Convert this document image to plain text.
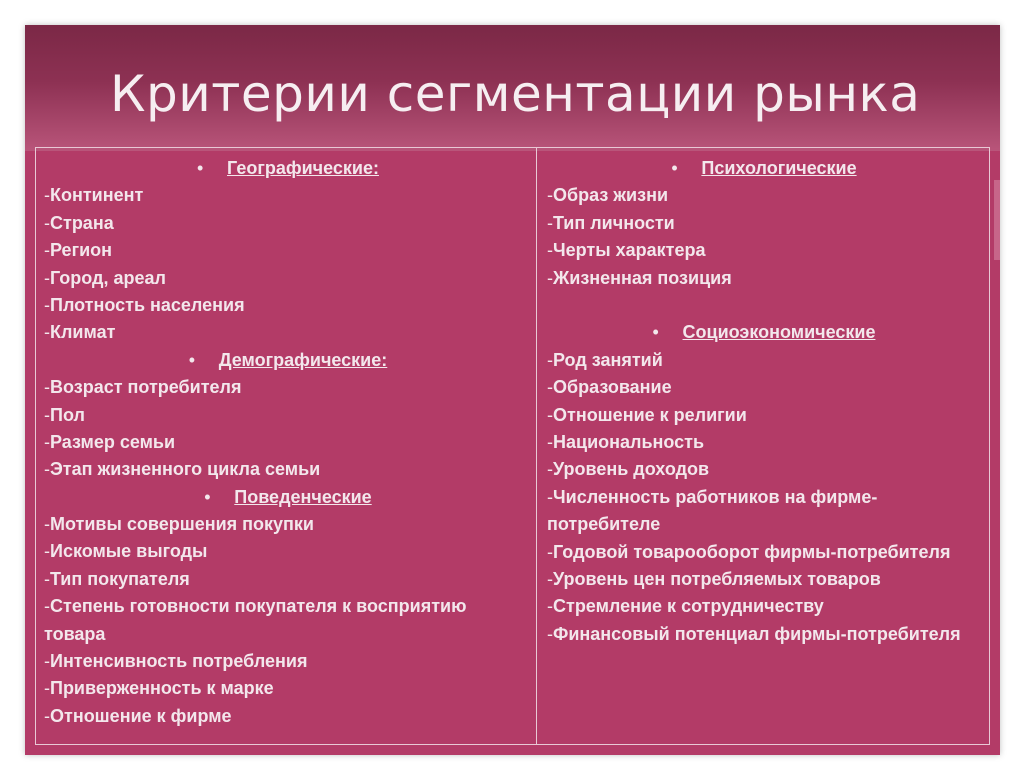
Критерии сегментации рынка
• Географические:
-Континент
-Страна
-Регион
-Город, ареал
-Плотность населения
-Климат
• Демографические:
-Возраст потребителя
-Пол
-Размер семьи
-Этап жизненного цикла семьи
• Поведенческие
-Мотивы совершения покупки
-Искомые выгоды
-Тип покупателя
-Степень готовности покупателя к восприятию товара
-Интенсивность потребления
-Приверженность к марке
-Отношение к фирме
• Психологические
-Образ жизни
-Тип личности
-Черты характера
-Жизненная позиция
• Социоэкономические
-Род занятий
-Образование
-Отношение к религии
-Национальность
-Уровень доходов
-Численность работников на фирме-потребителе
-Годовой товарооборот фирмы-потребителя
-Уровень цен потребляемых товаров
-Стремление к сотрудничеству
-Финансовый потенциал фирмы-потребителя
